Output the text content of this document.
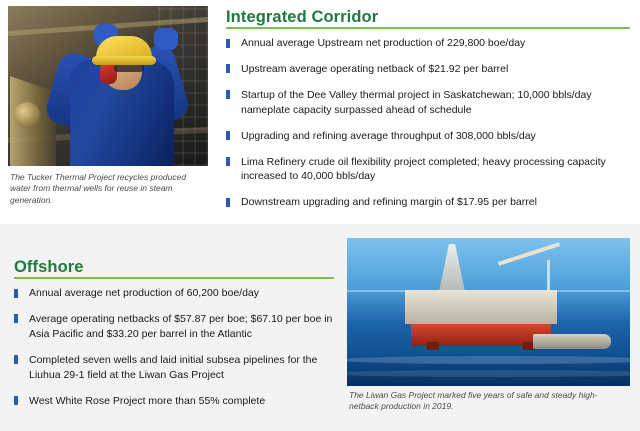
The Tucker Thermal Project recycles produced water from thermal wells for reuse in steam generation.
Integrated Corridor
Annual average Upstream net production of 229,800 boe/day
Upstream average operating netback of $21.92 per barrel
Startup of the Dee Valley thermal project in Saskatchewan; 10,000 bbls/day nameplate capacity surpassed ahead of schedule
Upgrading and refining average throughput of 308,000 bbls/day
Lima Refinery crude oil flexibility project completed; heavy processing capacity increased to 40,000 bbls/day
Downstream upgrading and refining margin of $17.95 per barrel
The Liwan Gas Project marked five years of safe and steady high-netback production in 2019.
Offshore
Annual average net production of 60,200 boe/day
Average operating netbacks of $57.87 per boe; $67.10 per boe in Asia Pacific and $33.20 per barrel in the Atlantic
Completed seven wells and laid initial subsea pipelines for the Liuhua 29-1 field at the Liwan Gas Project
West White Rose Project more than 55% complete
